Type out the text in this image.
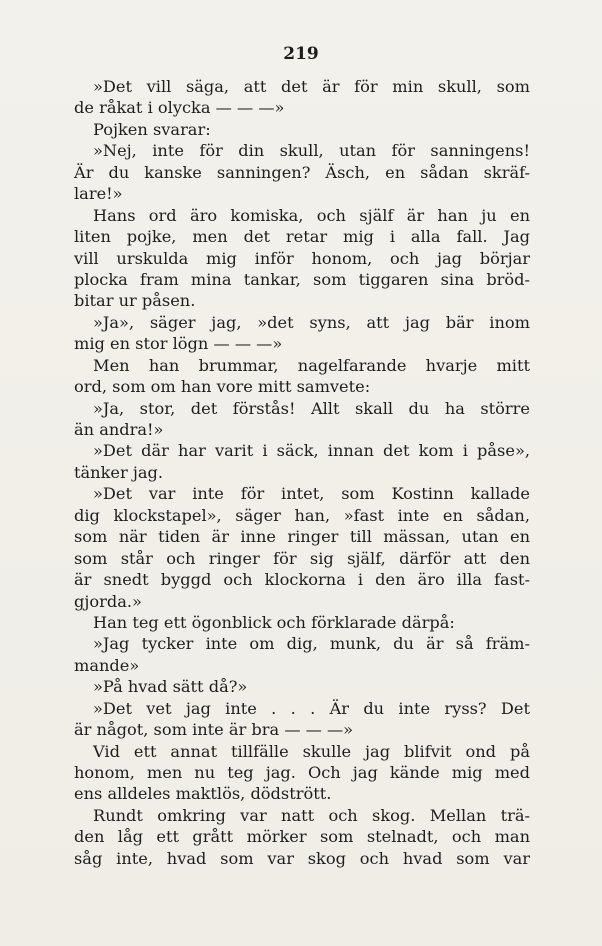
219
»Det vill säga, att det är för min skull, som
de råkat i olycka — — —»
Pojken svarar:
»Nej, inte för din skull, utan för sanningens!
Är du kanske sanningen? Äsch, en sådan skräf-
lare!»
Hans ord äro komiska, och själf är han ju en
liten pojke, men det retar mig i alla fall. Jag
vill urskulda mig inför honom, och jag börjar
plocka fram mina tankar, som tiggaren sina bröd-
bitar ur påsen.
»Ja», säger jag, »det syns, att jag bär inom
mig en stor lögn — — —»
Men han brummar, nagelfarande hvarje mitt
ord, som om han vore mitt samvete:
»Ja, stor, det förstås! Allt skall du ha större
än andra!»
»Det där har varit i säck, innan det kom i påse»,
tänker jag.
»Det var inte för intet, som Kostinn kallade
dig klockstapel», säger han, »fast inte en sådan,
som när tiden är inne ringer till mässan, utan en
som står och ringer för sig själf, därför att den
är snedt byggd och klockorna i den äro illa fast-
gjorda.»
Han teg ett ögonblick och förklarade därpå:
»Jag tycker inte om dig, munk, du är så främ-
mande»
»På hvad sätt då?»
»Det vet jag inte . . . Är du inte ryss? Det
är något, som inte är bra — — —»
Vid ett annat tillfälle skulle jag blifvit ond på
honom, men nu teg jag. Och jag kände mig med
ens alldeles maktlös, dödstrött.
Rundt omkring var natt och skog. Mellan trä-
den låg ett grått mörker som stelnadt, och man
såg inte, hvad som var skog och hvad som var
